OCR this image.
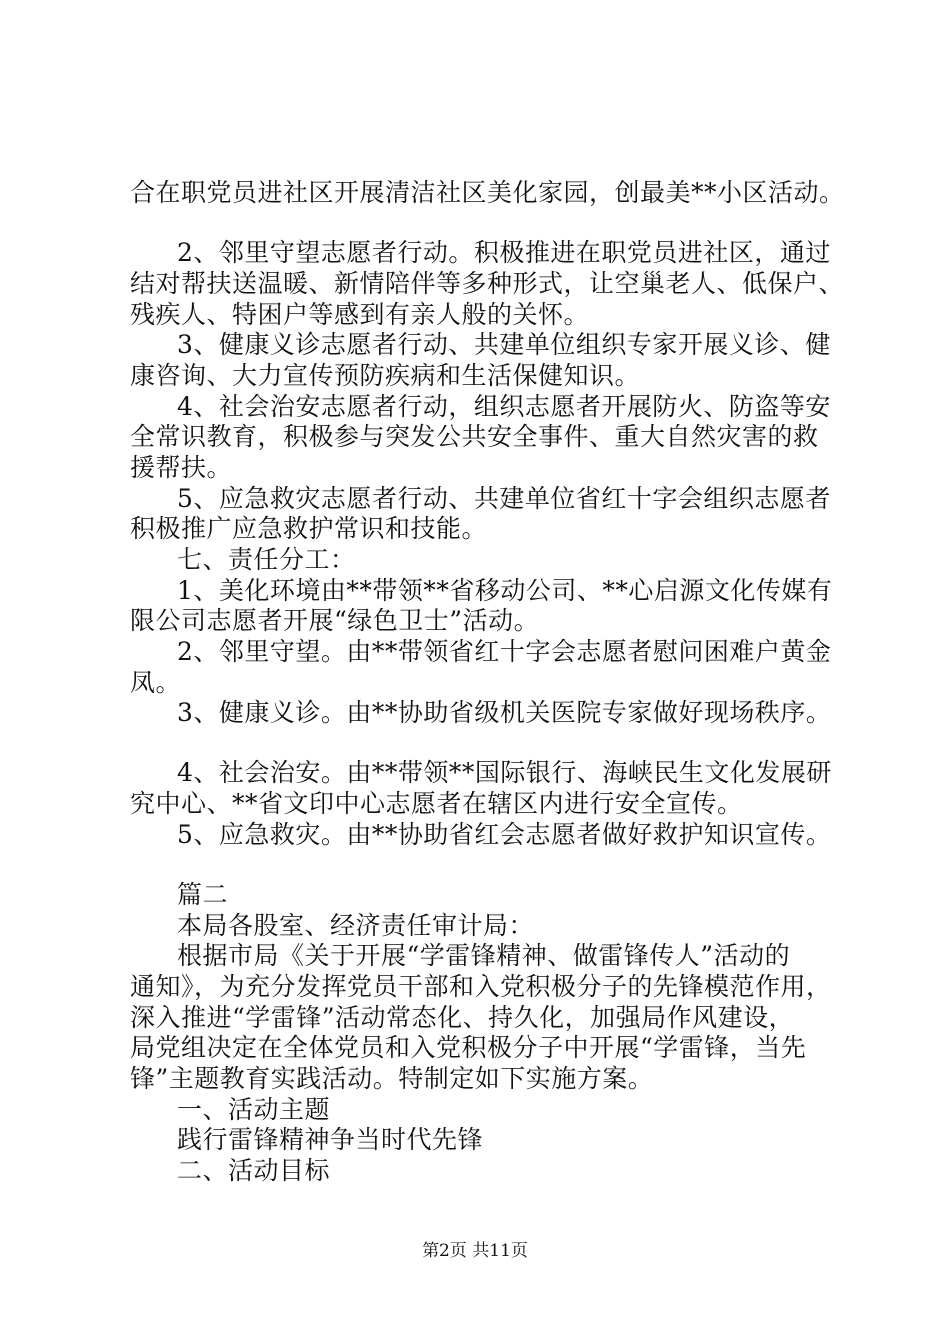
合在职党员进社区开展清洁社区美化家园，创最美**小区活动。
2、邻里守望志愿者行动。积极推进在职党员进社区，通过
结对帮扶送温暖、新情陪伴等多种形式，让空巢老人、低保户、
残疾人、特困户等感到有亲人般的关怀。
3、健康义诊志愿者行动、共建单位组织专家开展义诊、健
康咨询、大力宣传预防疾病和生活保健知识。
4、社会治安志愿者行动，组织志愿者开展防火、防盗等安
全常识教育，积极参与突发公共安全事件、重大自然灾害的救
援帮扶。
5、应急救灾志愿者行动、共建单位省红十字会组织志愿者
积极推广应急救护常识和技能。
七、责任分工：
1、美化环境由**带领**省移动公司、**心启源文化传媒有
限公司志愿者开展“绿色卫士”活动。
2、邻里守望。由**带领省红十字会志愿者慰问困难户黄金
凤。
3、健康义诊。由**协助省级机关医院专家做好现场秩序。
4、社会治安。由**带领**国际银行、海峡民生文化发展研
究中心、**省文印中心志愿者在辖区内进行安全宣传。
5、应急救灾。由**协助省红会志愿者做好救护知识宣传。
篇二
本局各股室、经济责任审计局：
根据市局《关于开展“学雷锋精神、做雷锋传人”活动的
通知》，为充分发挥党员干部和入党积极分子的先锋模范作用，
深入推进“学雷锋”活动常态化、持久化，加强局作风建设，
局党组决定在全体党员和入党积极分子中开展“学雷锋，当先
锋”主题教育实践活动。特制定如下实施方案。
一、活动主题
践行雷锋精神争当时代先锋
二、活动目标
第2页 共11页
